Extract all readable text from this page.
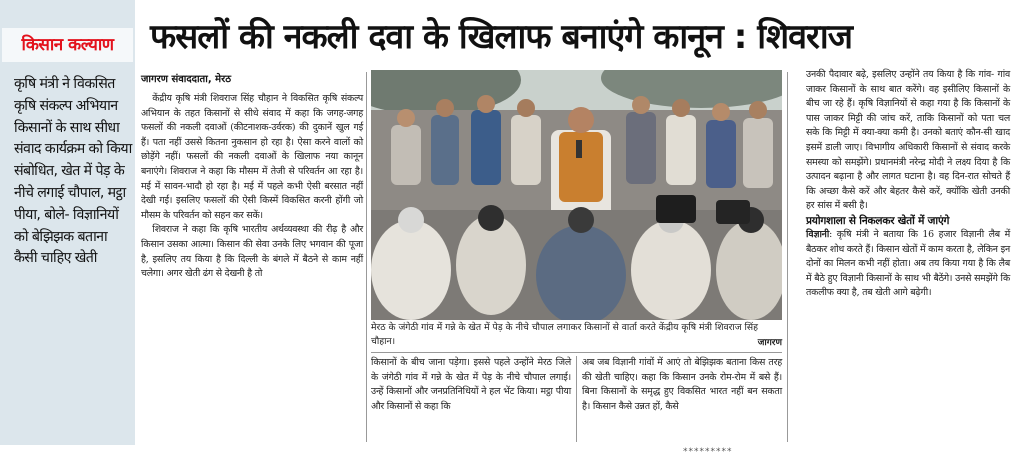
किसान कल्याण
कृषि मंत्री ने विकसित कृषि संकल्प अभियान किसानों के साथ सीधा संवाद कार्यक्रम को किया संबोधित, खेत में पेड़ के नीचे लगाई चौपाल, मट्ठा पीया, बोले- विज्ञानियों को बेझिझक बताना कैसी चाहिए खेती
फसलों की नकली दवा के खिलाफ बनाएंगे कानून : शिवराज
जागरण संवाददाता, मेरठ

केंद्रीय कृषि मंत्री शिवराज सिंह चौहान ने विकसित कृषि संकल्प अभियान के तहत किसानों से सीधे संवाद में कहा कि जगह-जगह फसलों की नकली दवाओं (कीटनाशक-उर्वरक) की दुकानें खुल गई हैं। पता नहीं उससे कितना नुकसान हो रहा है। ऐसा करने वालों को छोड़ेंगे नहीं। फसलों की नकली दवाओं के खिलाफ नया कानून बनाएंगे। शिवराज ने कहा कि मौसम में तेजी से परिवर्तन आ रहा है। मई में सावन-भादौ हो रहा है। मई में पहले कभी ऐसी बरसात नहीं देखी गई। इसलिए फसलों की ऐसी किस्में विकसित करनी होंगी जो मौसम के परिवर्तन को सहन कर सकें।

शिवराज ने कहा कि कृषि भारतीय अर्थव्यवस्था की रीढ़ है और किसान उसका आत्मा। किसान की सेवा उनके लिए भगवान की पूजा है, इसलिए तय किया है कि दिल्ली के बंगले में बैठने से काम नहीं चलेगा। अगर खेती ढंग से देखनी है तो

मेरठ के जंगेठी गांव में गन्ने के खेत में पेड़ के नीचे चौपाल लगाकर किसानों से वार्ता करते केंद्रीय कृषि मंत्री शिवराज सिंह चौहान।	जागरण

किसानों के बीच जाना पड़ेगा। इससे पहले उन्होंने मेरठ जिले के जंगेठी गांव में गन्ने के खेत में पेड़ के नीचे चौपाल लगाई। उन्हें किसानों और जनप्रतिनिधियों ने हल भेंट किया। मट्ठा पीया और किसानों से कहा कि

अब जब विज्ञानी गांवों में आएं तो बेझिझक बताना किस तरह की खेती चाहिए। कहा कि किसान उनके रोम-रोम में बसे हैं। बिना किसानों के समृद्ध हुए विकसित भारत नहीं बन सकता है। किसान कैसे उन्नत हों, कैसे

उनकी पैदावार बढ़े, इसलिए उन्होंने तय किया है कि गांव- गांव जाकर किसानों के साथ बात करेंगे। वह इसीलिए किसानों के बीच जा रहे हैं। कृषि विज्ञानियों से कहा गया है कि किसानों के पास जाकर मिट्टी की जांच करें, ताकि किसानों को पता चल सके कि मिट्टी में क्या-क्या कमी है। उनको बताएं कौन-सी खाद इसमें डाली जाए। विभागीय अधिकारी किसानों से संवाद करके समस्या को समझेंगे। प्रधानमंत्री नरेन्द्र मोदी ने लक्ष्य दिया है कि उत्पादन बढ़ाना है और लागत घटाना है। वह दिन-रात सोचते हैं कि अच्छा कैसे करें और बेहतर कैसे करें, क्योंकि खेती उनकी हर सांस में बसी है।

प्रयोगशाला से निकलकर खेतों में जाएंगे

विज्ञानी: कृषि मंत्री ने बताया कि 16 हजार विज्ञानी लैब में बैठकर शोध करते हैं। किसान खेतों में काम करता है, लेकिन इन दोनों का मिलन कभी नहीं होता। अब तय किया गया है कि लैब में बैठे हुए विज्ञानी किसानों के साथ भी बैठेंगे। उनसे समझेंगे कि तकलीफ क्या है, तब खेती आगे बढ़ेगी।

*********
